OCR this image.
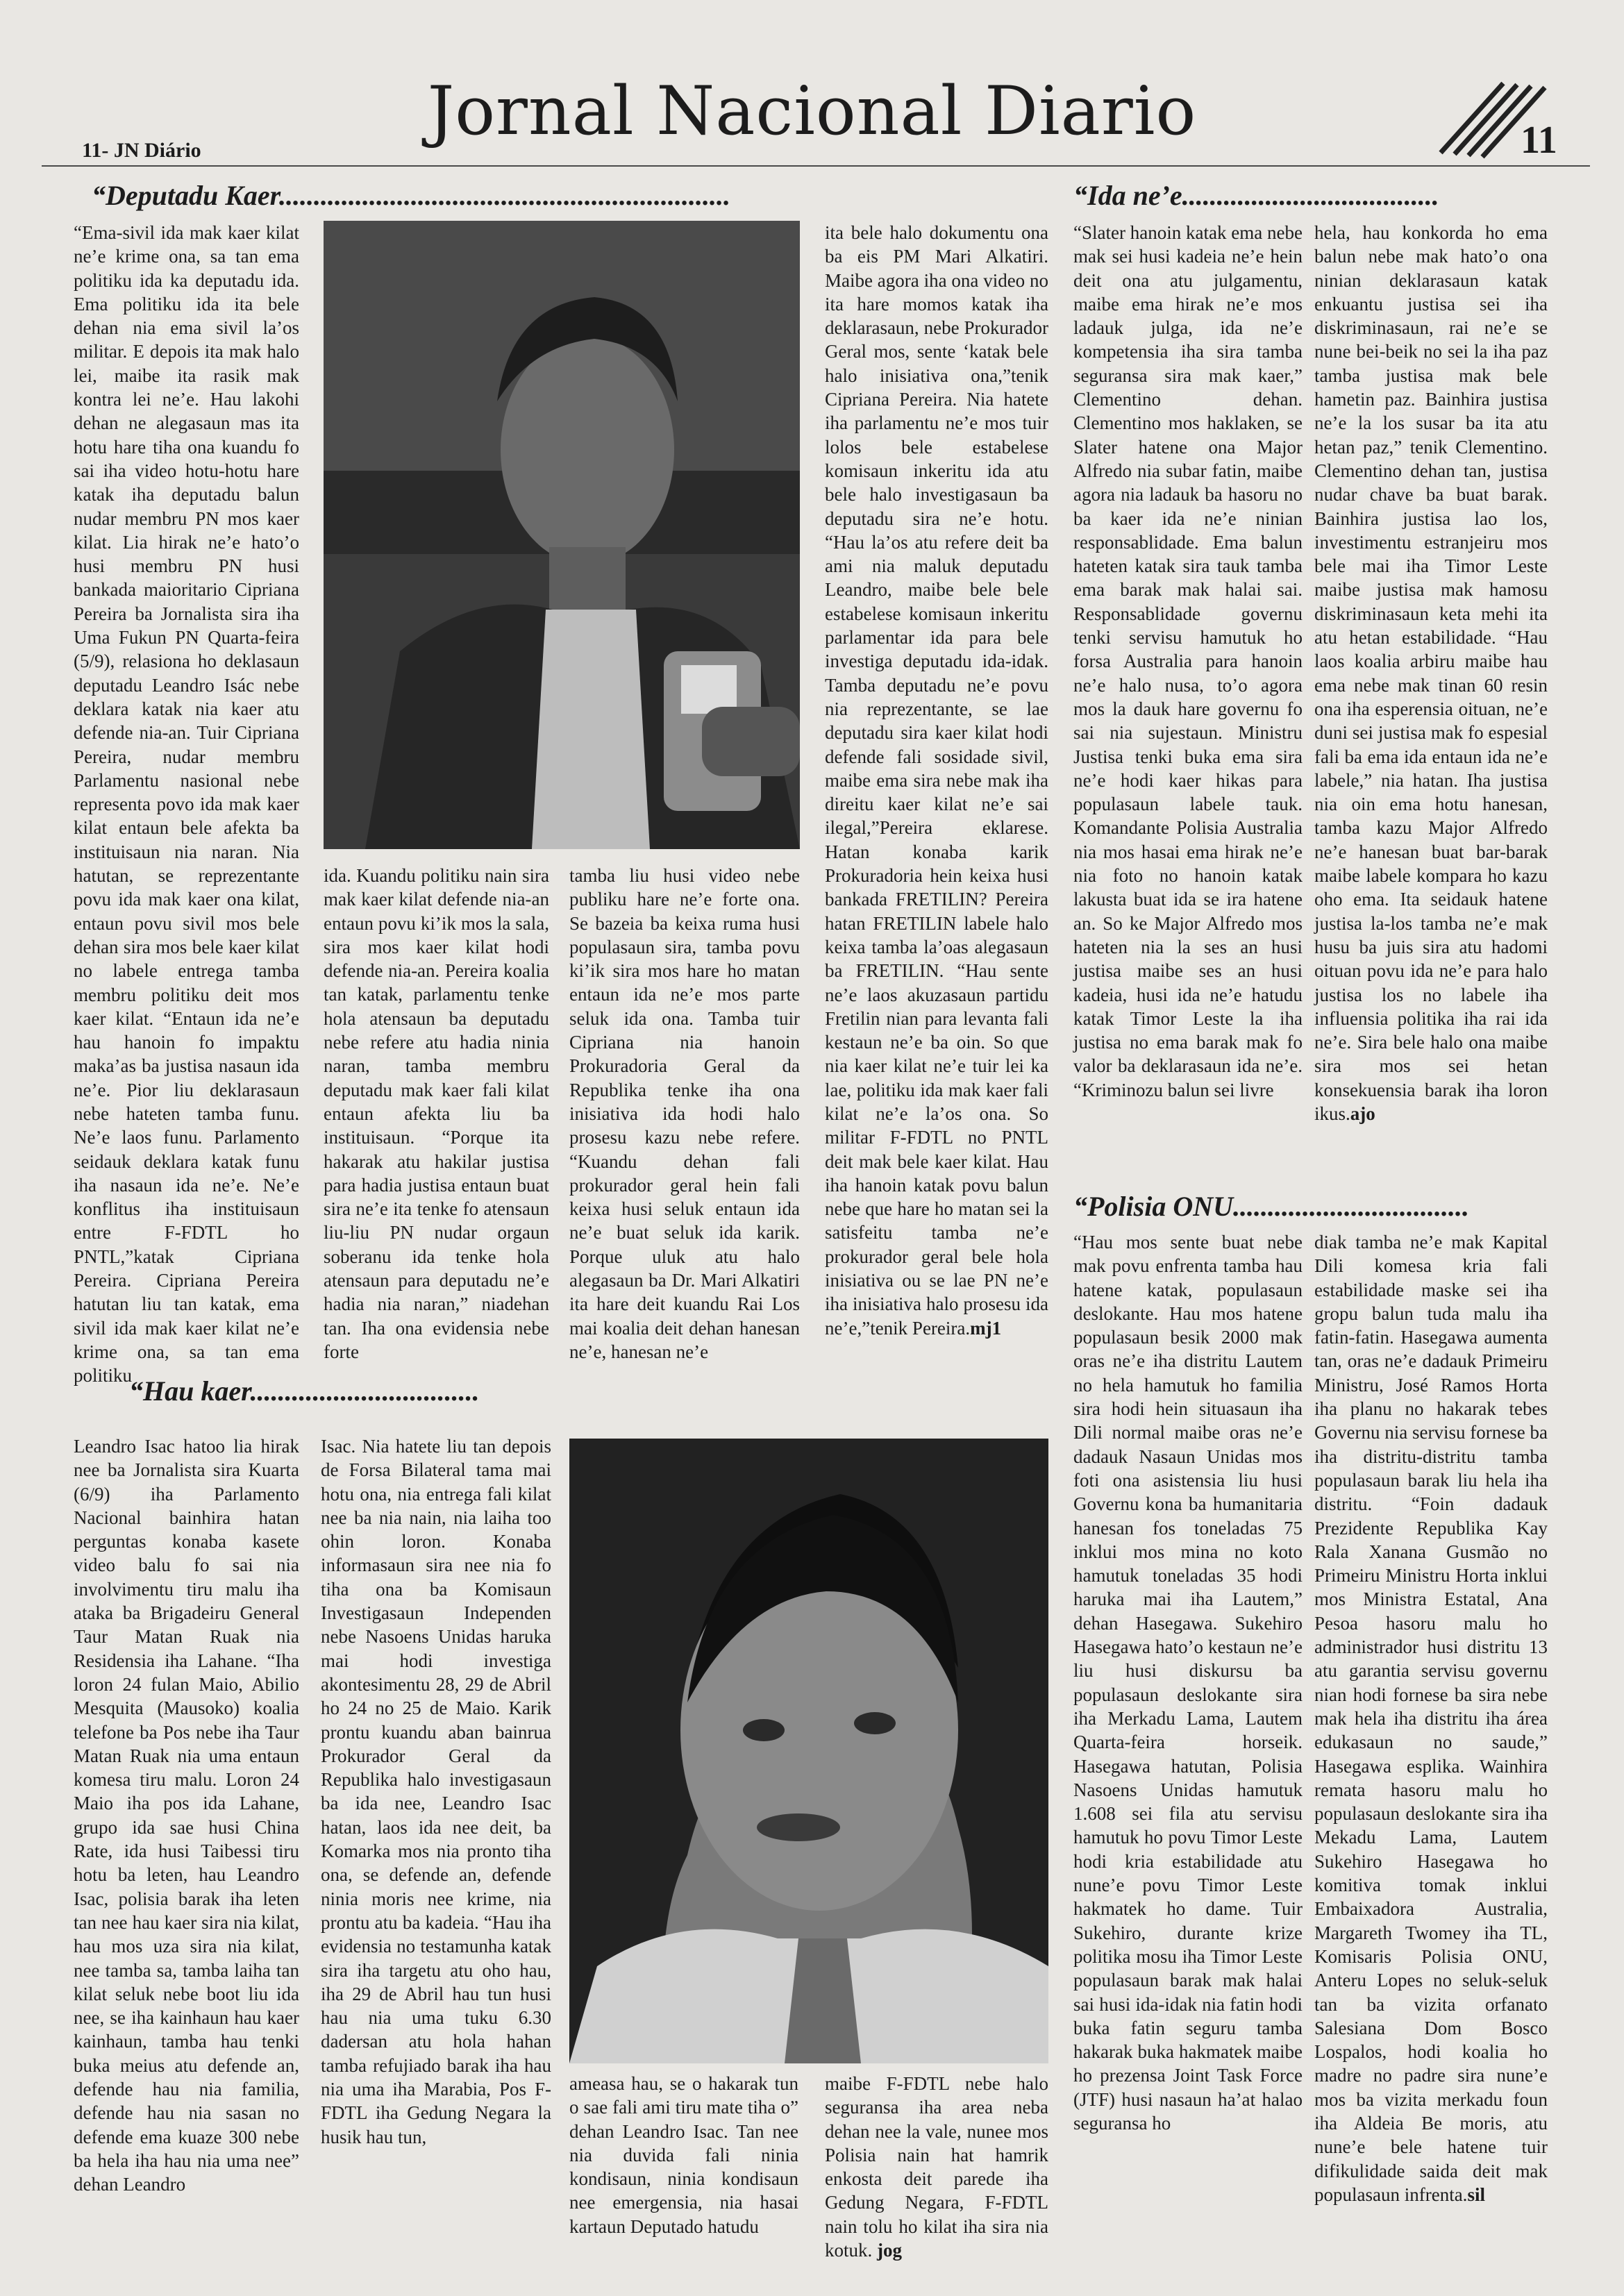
Jornal Nacional Diario
11- JN Diário	11
“Deputadu Kaer.................................................................
“Ema-sivil ida mak kaer kilat ne’e krime ona, sa tan ema politiku ida ka deputadu ida. Ema politiku ida ita bele dehan nia ema sivil la’os militar. E depois ita mak halo lei, maibe ita rasik mak kontra lei ne’e. Hau lakohi dehan ne alegasaun mas ita hotu hare tiha ona kuandu fo sai iha video hotu-hotu hare katak iha deputadu balun nudar membru PN mos kaer kilat. Lia hirak ne’e hato’o husi membru PN husi bankada maioritario Cipriana Pereira ba Jornalista sira iha Uma Fukun PN Quarta-feira (5/9), relasiona ho deklasaun deputadu Leandro Isác nebe deklara katak nia kaer atu defende nia-an. Tuir Cipriana Pereira, nudar membru Parlamentu nasional nebe representa povo ida mak kaer kilat entaun bele afekta ba instituisaun nia naran. Nia hatutan, se reprezentante povu ida mak kaer ona kilat, entaun povu sivil mos bele dehan sira mos bele kaer kilat no labele entrega tamba membru politiku deit mos kaer kilat. “Entaun ida ne’e hau hanoin fo impaktu maka’as ba justisa nasaun ida ne’e. Pior liu deklarasaun nebe hateten tamba funu. Ne’e laos funu. Parlamento seidauk deklara katak funu iha nasaun ida ne’e. Ne’e konflitus iha instituisaun entre F-FDTL ho PNTL,”katak Cipriana Pereira. Cipriana Pereira hatutan liu tan katak, ema sivil ida mak kaer kilat ne’e krime ona, sa tan ema politiku
ida. Kuandu politiku nain sira mak kaer kilat defende nia-an entaun povu ki’ik mos la sala, sira mos kaer kilat hodi defende nia-an. Pereira koalia tan katak, parlamentu tenke hola atensaun ba deputadu nebe refere atu hadia ninia naran, tamba membru deputadu mak kaer fali kilat entaun afekta liu ba instituisaun. “Porque ita hakarak atu hakilar justisa para hadia justisa entaun buat sira ne’e ita tenke fo atensaun liu-liu PN nudar orgaun soberanu ida tenke hola atensaun para deputadu ne’e hadia nia naran,” niadehan tan. Iha ona evidensia nebe forte
tamba liu husi video nebe publiku hare ne’e forte ona. Se bazeia ba keixa ruma husi populasaun sira, tamba povu ki’ik sira mos hare ho matan entaun ida ne’e mos parte seluk ida ona. Tamba tuir Cipriana nia hanoin Prokuradoria Geral da Republika tenke iha ona inisiativa ida hodi halo prosesu kazu nebe refere. “Kuandu dehan fali prokurador geral hein fali keixa husi seluk entaun ida ne’e buat seluk ida karik. Porque uluk atu halo alegasaun ba Dr. Mari Alkatiri ita hare deit kuandu Rai Los mai koalia deit dehan hanesan ne’e, hanesan ne’e
ita bele halo dokumentu ona ba eis PM Mari Alkatiri. Maibe agora iha ona video no ita hare momos katak iha deklarasaun, nebe Prokurador Geral mos, sente ‘katak bele halo inisiativa ona,”tenik Cipriana Pereira. Nia hatete iha parlamentu ne’e mos tuir lolos bele estabelese komisaun inkeritu ida atu bele halo investigasaun ba deputadu sira ne’e hotu. “Hau la’os atu refere deit ba ami nia maluk deputadu Leandro, maibe bele bele estabelese komisaun inkeritu parlamentar ida para bele investiga deputadu ida-idak. Tamba deputadu ne’e povu nia reprezentante, se lae deputadu sira kaer kilat hodi defende fali sosidade sivil, maibe ema sira nebe mak iha direitu kaer kilat ne’e sai ilegal,”Pereira eklarese. Hatan konaba karik Prokuradoria hein keixa husi bankada FRETILIN? Pereira hatan FRETILIN labele halo keixa tamba la’oas alegasaun ba FRETILIN. “Hau sente ne’e laos akuzasaun partidu Fretilin nian para levanta fali kestaun ne’e ba oin. So que nia kaer kilat ne’e tuir lei ka lae, politiku ida mak kaer fali kilat ne’e la’os ona. So militar F-FDTL no PNTL deit mak bele kaer kilat. Hau iha hanoin katak povu balun nebe que hare ho matan sei la satisfeitu tamba ne’e prokurador geral bele hola inisiativa ou se lae PN ne’e iha inisiativa halo prosesu ida ne’e,”tenik Pereira.mj1
“Ida ne’e.....................................
“Slater hanoin katak ema nebe mak sei husi kadeia ne’e hein deit ona atu julgamentu, maibe ema hirak ne’e mos ladauk julga, ida ne’e kompetensia iha sira tamba seguransa sira mak kaer,” Clementino dehan. Clementino mos haklaken, se Slater hatene ona Major Alfredo nia subar fatin, maibe agora nia ladauk ba hasoru no ba kaer ida ne’e ninian responsablidade. Ema balun hateten katak sira tauk tamba ema barak mak halai sai. Responsablidade governu tenki servisu hamutuk ho forsa Australia para hanoin ne’e halo nusa, to’o agora mos la dauk hare governu fo sai nia sujestaun. Ministru Justisa tenki buka ema sira ne’e hodi kaer hikas para populasaun labele tauk. Komandante Polisia Australia nia mos hasai ema hirak ne’e nia foto no hanoin katak lakusta buat ida se ira hatene an. So ke Major Alfredo mos hateten nia la ses an husi justisa maibe ses an husi kadeia, husi ida ne’e hatudu katak Timor Leste la iha justisa no ema barak mak fo valor ba deklarasaun ida ne’e. “Kriminozu balun sei livre
hela, hau konkorda ho ema balun nebe mak hato’o ona ninian deklarasaun katak enkuantu justisa sei iha diskriminasaun, rai ne’e se nune bei-beik no sei la iha paz tamba justisa mak bele hametin paz. Bainhira justisa ne’e la los susar ba ita atu hetan paz,” tenik Clementino. Clementino dehan tan, justisa nudar chave ba buat barak. Bainhira justisa lao los, investimentu estranjeiru mos bele mai iha Timor Leste maibe justisa mak hamosu diskriminasaun keta mehi ita atu hetan estabilidade. “Hau laos koalia arbiru maibe hau ema nebe mak tinan 60 resin ona iha esperensia oituan, ne’e duni sei justisa mak fo espesial fali ba ema ida entaun ida ne’e labele,” nia hatan. Iha justisa nia oin ema hotu hanesan, tamba kazu Major Alfredo ne’e hanesan buat bar-barak maibe labele kompara ho kazu oho ema. Ita seidauk hatene justisa la-los tamba ne’e mak husu ba juis sira atu hadomi oituan povu ida ne’e para halo justisa los no labele iha influensia politika iha rai ida ne’e. Sira bele halo ona maibe sira mos sei hetan konsekuensia barak iha loron ikus.ajo
“Polisia ONU..................................
“Hau mos sente buat nebe mak povu enfrenta tamba hau hatene katak, populasaun deslokante. Hau mos hatene populasaun besik 2000 mak oras ne’e iha distritu Lautem no hela hamutuk ho familia sira hodi hein situasaun iha Dili normal maibe oras ne’e dadauk Nasaun Unidas mos foti ona asistensia liu husi Governu kona ba humanitaria hanesan fos toneladas 75 inklui mos mina no koto hamutuk toneladas 35 hodi haruka mai iha Lautem,” dehan Hasegawa. Sukehiro Hasegawa hato’o kestaun ne’e liu husi diskursu ba populasaun deslokante sira iha Merkadu Lama, Lautem Quarta-feira horseik. Hasegawa hatutan, Polisia Nasoens Unidas hamutuk 1.608 sei fila atu servisu hamutuk ho povu Timor Leste hodi kria estabilidade atu nune’e povu Timor Leste hakmatek ho dame. Tuir Sukehiro, durante krize politika mosu iha Timor Leste populasaun barak mak halai sai husi ida-idak nia fatin hodi buka fatin seguru tamba hakarak buka hakmatek maibe ho prezensa Joint Task Force (JTF) husi nasaun ha’at halao seguransa ho
diak tamba ne’e mak Kapital Dili komesa kria fali estabilidade maske sei iha gropu balun tuda malu iha fatin-fatin. Hasegawa aumenta tan, oras ne’e dadauk Primeiru Ministru, José Ramos Horta iha planu no hakarak tebes Governu nia servisu fornese ba iha distritu-distritu tamba populasaun barak liu hela iha distritu. “Foin dadauk Prezidente Republika Kay Rala Xanana Gusmão no Primeiru Ministru Horta inklui mos Ministra Estatal, Ana Pesoa hasoru malu ho administrador husi distritu 13 atu garantia servisu governu nian hodi fornese ba sira nebe mak hela iha distritu iha área edukasaun no saude,” Hasegawa esplika. Wainhira remata hasoru malu ho populasaun deslokante sira iha Mekadu Lama, Lautem Sukehiro Hasegawa ho komitiva tomak inklui Embaixadora Australia, Margareth Twomey iha TL, Komisaris Polisia ONU, Anteru Lopes no seluk-seluk tan ba vizita orfanato Salesiana Dom Bosco Lospalos, hodi koalia ho madre no padre sira nune’e mos ba vizita merkadu foun iha Aldeia Be moris, atu nune’e bele hatene tuir difikulidade saida deit mak populasaun infrenta.sil
“Hau kaer.................................
Leandro Isac hatoo lia hirak nee ba Jornalista sira Kuarta (6/9) iha Parlamento Nacional bainhira hatan perguntas konaba kasete video balu fo sai nia involvimentu tiru malu iha ataka ba Brigadeiru General Taur Matan Ruak nia Residensia iha Lahane. “Iha loron 24 fulan Maio, Abilio Mesquita (Mausoko) koalia telefone ba Pos nebe iha Taur Matan Ruak nia uma entaun komesa tiru malu. Loron 24 Maio iha pos ida Lahane, grupo ida sae husi China Rate, ida husi Taibessi tiru hotu ba leten, hau Leandro Isac, polisia barak iha leten tan nee hau kaer sira nia kilat, hau mos uza sira nia kilat, nee tamba sa, tamba laiha tan kilat seluk nebe boot liu ida nee, se iha kainhaun hau kaer kainhaun, tamba hau tenki buka meius atu defende an, defende hau nia familia, defende hau nia sasan no defende ema kuaze 300 nebe ba hela iha hau nia uma nee” dehan Leandro
Isac. Nia hatete liu tan depois de Forsa Bilateral tama mai hotu ona, nia entrega fali kilat nee ba nia nain, nia laiha too ohin loron. Konaba informasaun sira nee nia fo tiha ona ba Komisaun Investigasaun Independen nebe Nasoens Unidas haruka mai hodi investiga akontesimentu 28, 29 de Abril ho 24 no 25 de Maio. Karik prontu kuandu aban bainrua Prokurador Geral da Republika halo investigasaun ba ida nee, Leandro Isac hatan, laos ida nee deit, ba Komarka mos nia pronto tiha ona, se defende an, defende ninia moris nee krime, nia prontu atu ba kadeia. “Hau iha evidensia no testamunha katak sira iha targetu atu oho hau, iha 29 de Abril hau tun husi hau nia uma tuku 6.30 dadersan atu hola hahan tamba refujiado barak iha hau nia uma iha Marabia, Pos F-FDTL iha Gedung Negara la husik hau tun,
ameasa hau, se o hakarak tun o sae fali ami tiru mate tiha o” dehan Leandro Isac. Tan nee nia duvida fali ninia kondisaun, ninia kondisaun nee emergensia, nia hasai kartaun Deputado hatudu
maibe F-FDTL nebe halo seguransa iha area neba dehan nee la vale, nunee mos Polisia nain hat hamrik enkosta deit parede iha Gedung Negara, F-FDTL nain tolu ho kilat iha sira nia kotuk. jog
